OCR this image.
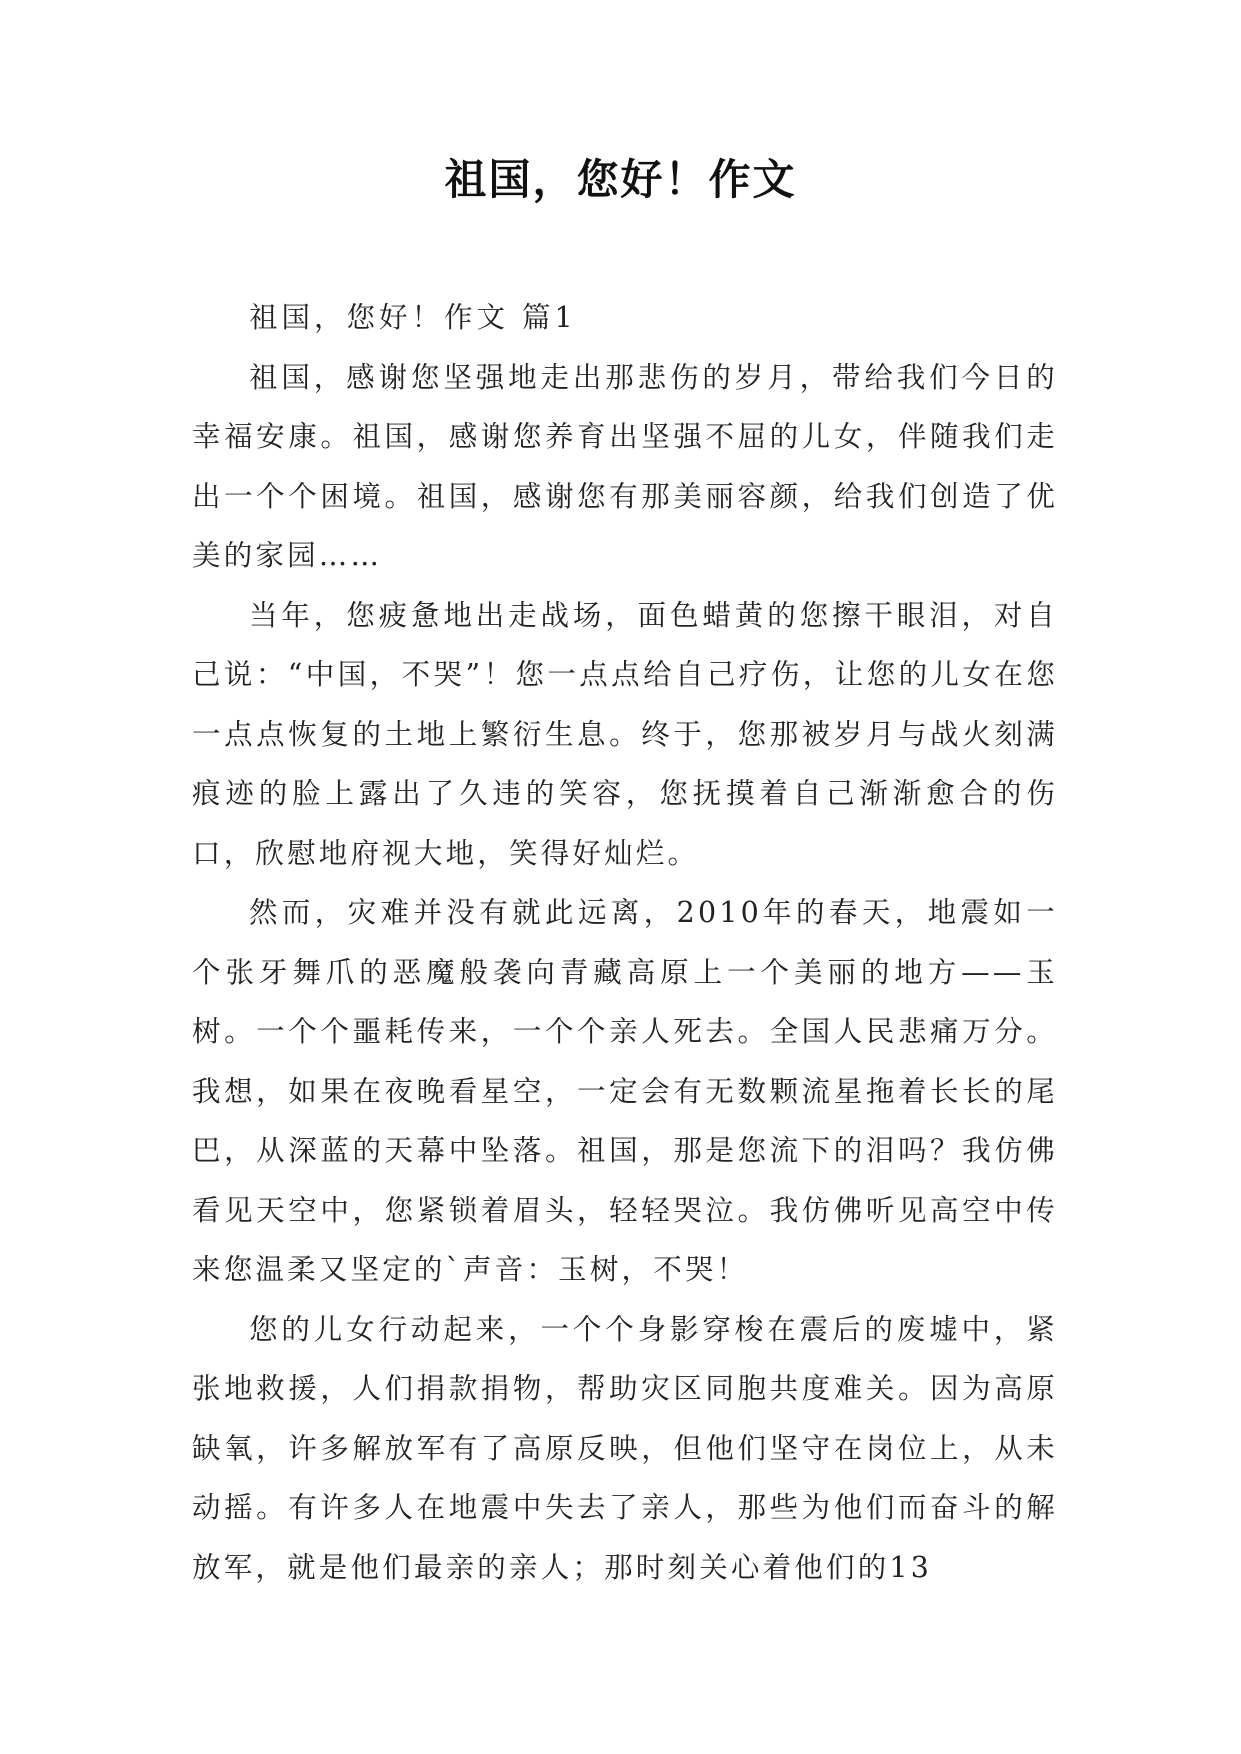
祖国，您好！作文

祖国，您好！作文 篇1

祖国，感谢您坚强地走出那悲伤的岁月，带给我们今日的幸福安康。祖国，感谢您养育出坚强不屈的儿女，伴随我们走出一个个困境。祖国，感谢您有那美丽容颜，给我们创造了优美的家园……

当年，您疲惫地出走战场，面色蜡黄的您擦干眼泪，对自己说：“中国，不哭”！您一点点给自己疗伤，让您的儿女在您一点点恢复的土地上繁衍生息。终于，您那被岁月与战火刻满痕迹的脸上露出了久违的笑容，您抚摸着自己渐渐愈合的伤口，欣慰地府视大地，笑得好灿烂。

然而，灾难并没有就此远离，2010年的春天，地震如一个张牙舞爪的恶魔般袭向青藏高原上一个美丽的地方——玉树。一个个噩耗传来，一个个亲人死去。全国人民悲痛万分。我想，如果在夜晚看星空，一定会有无数颗流星拖着长长的尾巴，从深蓝的天幕中坠落。祖国，那是您流下的泪吗？我仿佛看见天空中，您紧锁着眉头，轻轻哭泣。我仿佛听见高空中传来您温柔又坚定的`声音：玉树，不哭！

您的儿女行动起来，一个个身影穿梭在震后的废墟中，紧张地救援，人们捐款捐物，帮助灾区同胞共度难关。因为高原缺氧，许多解放军有了高原反映，但他们坚守在岗位上，从未动摇。有许多人在地震中失去了亲人，那些为他们而奋斗的解放军，就是他们最亲的亲人；那时刻关心着他们的13
